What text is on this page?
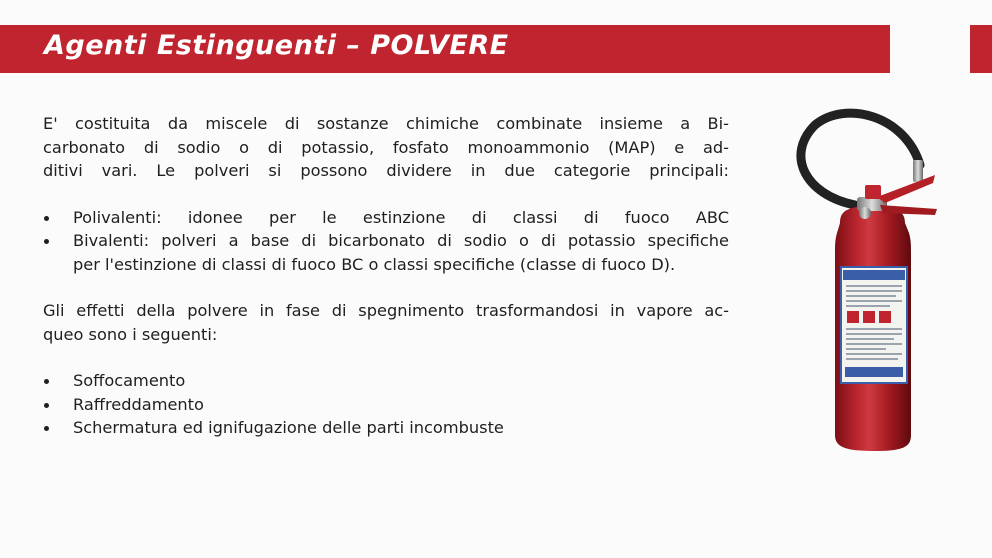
Agenti Estinguenti – POLVERE

E' costituita da miscele di sostanze chimiche combinate insieme a Bi-
carbonato di sodio o di potassio, fosfato monoammonio (MAP) e ad-
ditivi vari. Le polveri si possono dividere in due categorie principali:

Polivalenti: idonee per le estinzione di classi di fuoco ABC
Bivalenti: polveri a base di bicarbonato di sodio o di potassio specifiche
per l'estinzione di classi di fuoco BC o classi specifiche (classe di fuoco D).

Gli effetti della polvere in fase di spegnimento trasformandosi in vapore ac-
queo sono i seguenti:

Soffocamento
Raffreddamento
Schermatura ed ignifugazione delle parti incombuste
